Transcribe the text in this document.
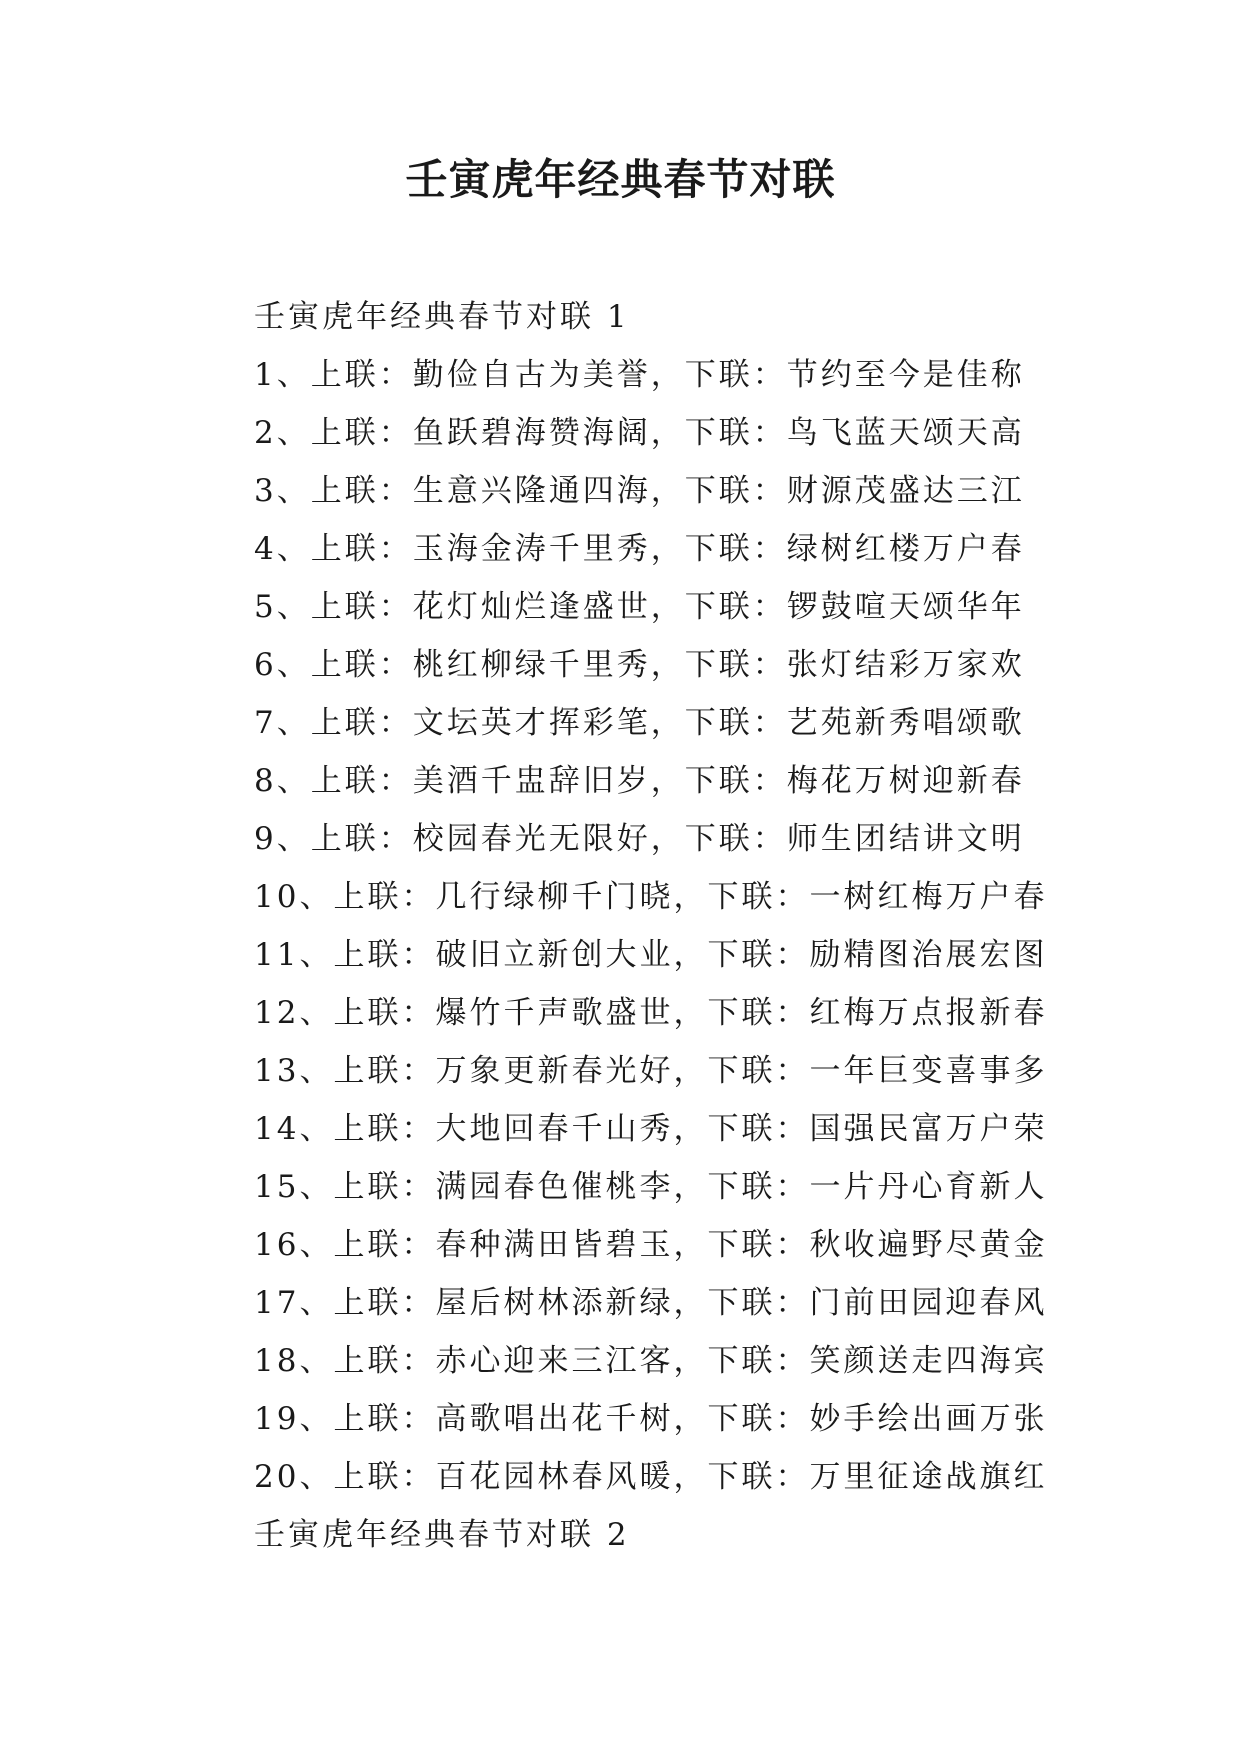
壬寅虎年经典春节对联
壬寅虎年经典春节对联 1
1、上联：勤俭自古为美誉，下联：节约至今是佳称
2、上联：鱼跃碧海赞海阔，下联：鸟飞蓝天颂天高
3、上联：生意兴隆通四海，下联：财源茂盛达三江
4、上联：玉海金涛千里秀，下联：绿树红楼万户春
5、上联：花灯灿烂逢盛世，下联：锣鼓喧天颂华年
6、上联：桃红柳绿千里秀，下联：张灯结彩万家欢
7、上联：文坛英才挥彩笔，下联：艺苑新秀唱颂歌
8、上联：美酒千盅辞旧岁，下联：梅花万树迎新春
9、上联：校园春光无限好，下联：师生团结讲文明
10、上联：几行绿柳千门晓，下联：一树红梅万户春
11、上联：破旧立新创大业，下联：励精图治展宏图
12、上联：爆竹千声歌盛世，下联：红梅万点报新春
13、上联：万象更新春光好，下联：一年巨变喜事多
14、上联：大地回春千山秀，下联：国强民富万户荣
15、上联：满园春色催桃李，下联：一片丹心育新人
16、上联：春种满田皆碧玉，下联：秋收遍野尽黄金
17、上联：屋后树林添新绿，下联：门前田园迎春风
18、上联：赤心迎来三江客，下联：笑颜送走四海宾
19、上联：高歌唱出花千树，下联：妙手绘出画万张
20、上联：百花园林春风暖，下联：万里征途战旗红
壬寅虎年经典春节对联 2
